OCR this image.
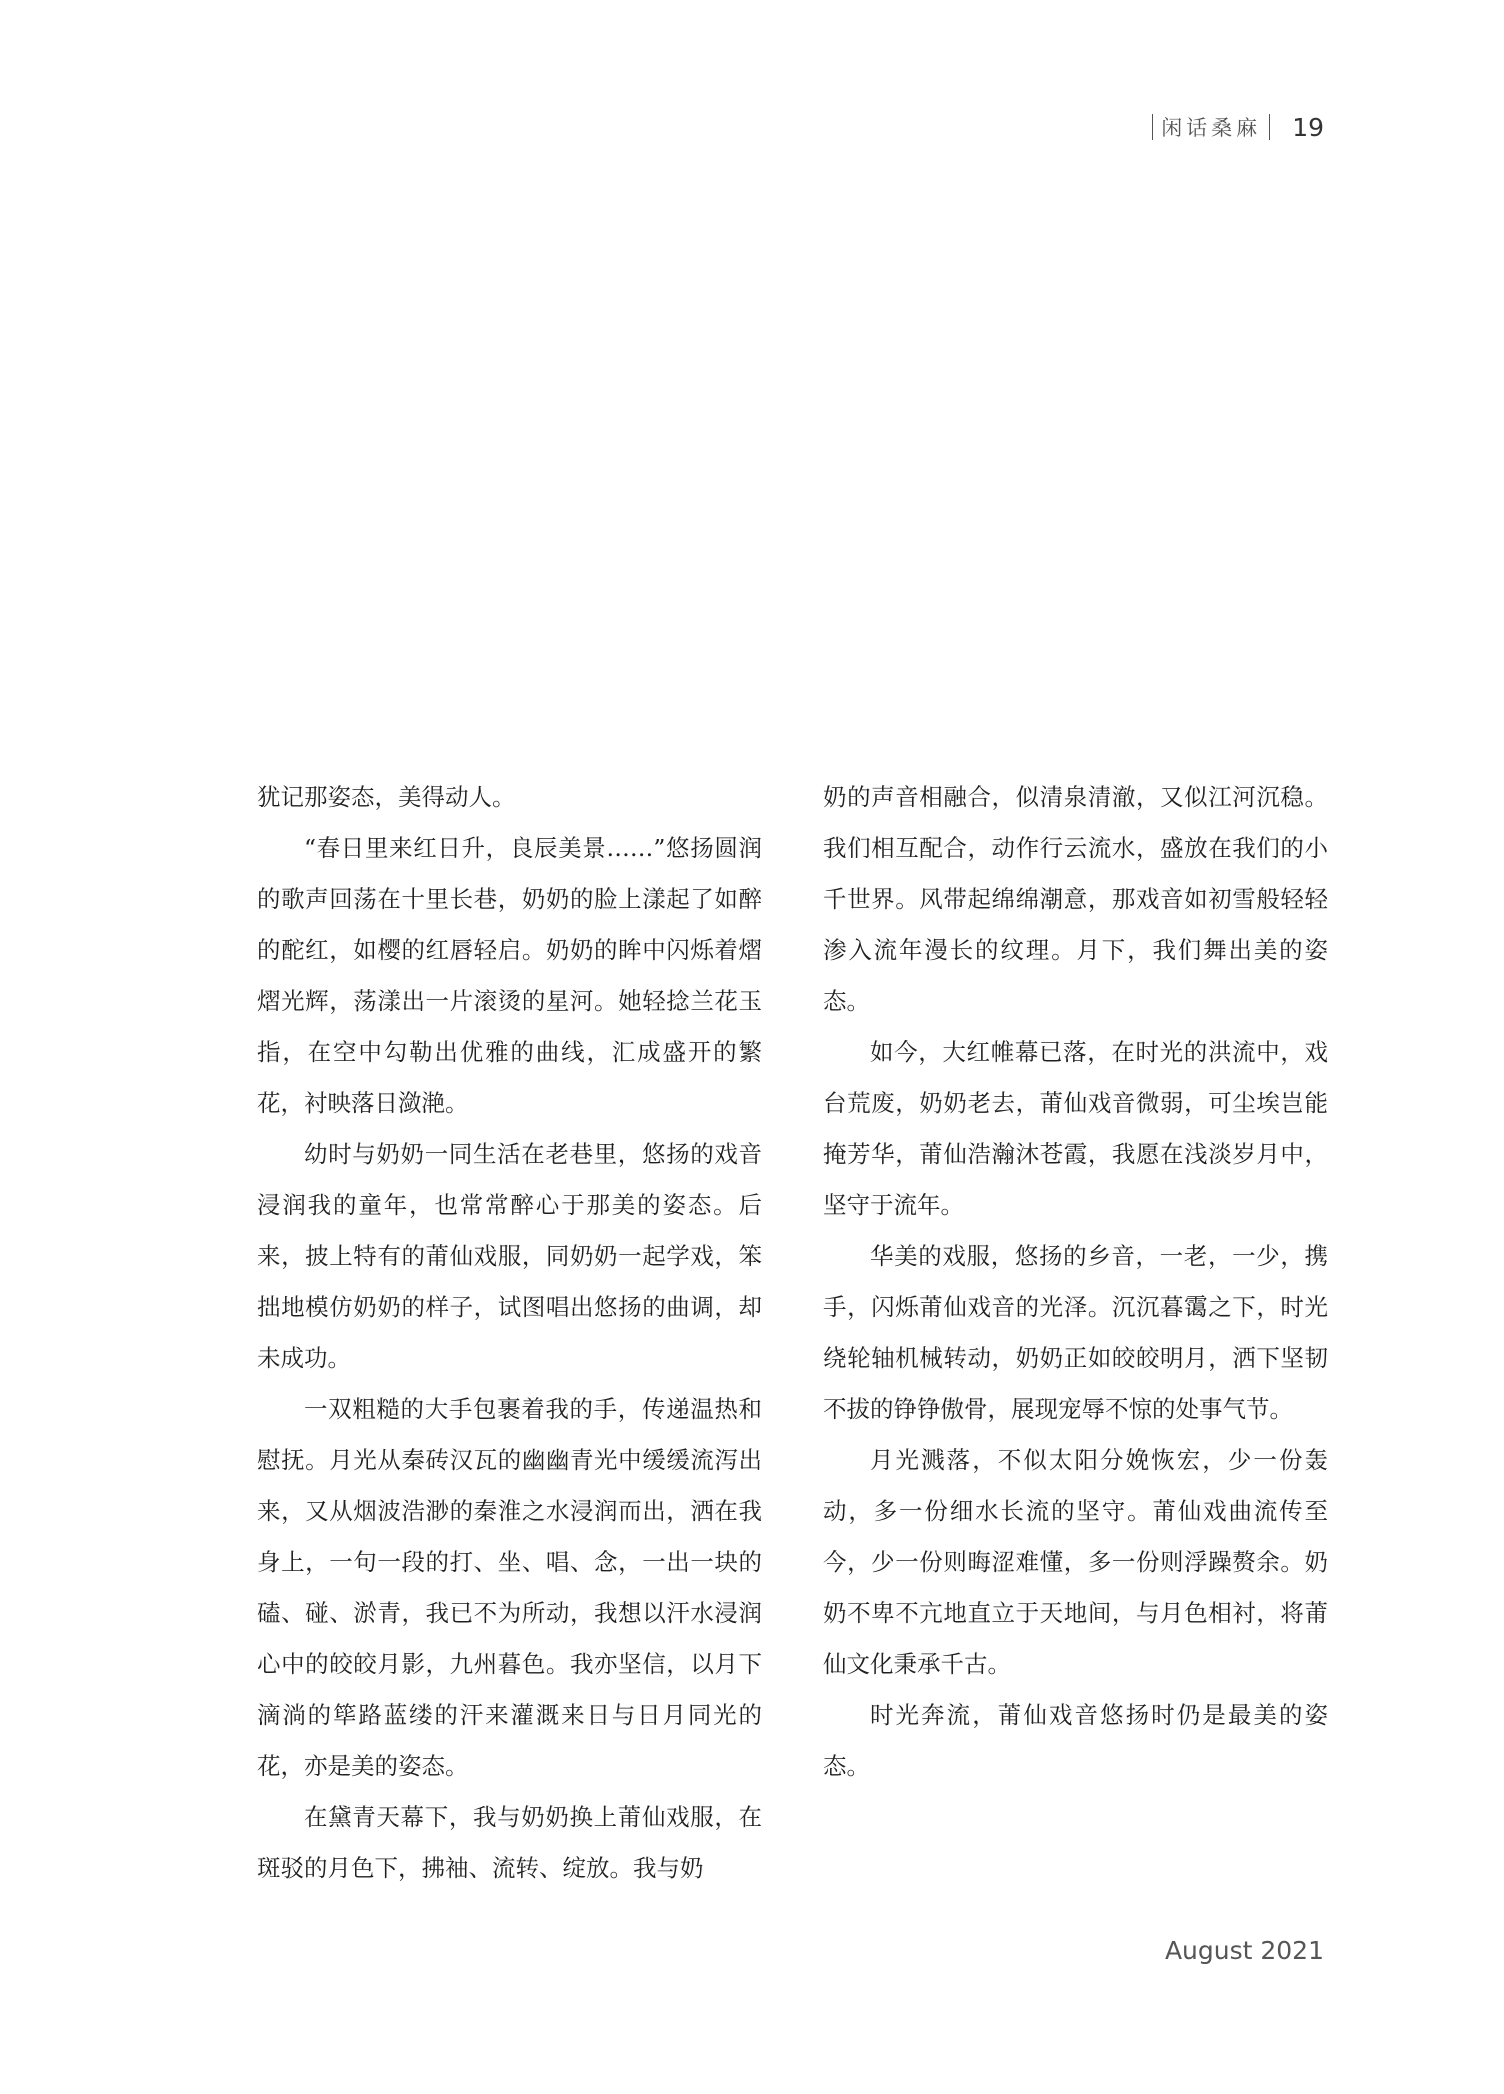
闲话桑麻 19

犹记那姿态，美得动人。

“春日里来红日升，良辰美景……”悠扬圆润的歌声回荡在十里长巷，奶奶的脸上漾起了如醉的酡红，如樱的红唇轻启。奶奶的眸中闪烁着熠熠光辉，荡漾出一片滚烫的星河。她轻捻兰花玉指，在空中勾勒出优雅的曲线，汇成盛开的繁花，衬映落日潋滟。

幼时与奶奶一同生活在老巷里，悠扬的戏音浸润我的童年，也常常醉心于那美的姿态。后来，披上特有的莆仙戏服，同奶奶一起学戏，笨拙地模仿奶奶的样子，试图唱出悠扬的曲调，却未成功。

一双粗糙的大手包裹着我的手，传递温热和慰抚。月光从秦砖汉瓦的幽幽青光中缓缓流泻出来，又从烟波浩渺的秦淮之水浸润而出，洒在我身上，一句一段的打、坐、唱、念，一出一块的磕、碰、淤青，我已不为所动，我想以汗水浸润心中的皎皎月影，九州暮色。我亦坚信，以月下滴淌的筚路蓝缕的汗来灌溉来日与日月同光的花，亦是美的姿态。

在黛青天幕下，我与奶奶换上莆仙戏服，在斑驳的月色下，拂袖、流转、绽放。我与奶

奶的声音相融合，似清泉清澈，又似江河沉稳。我们相互配合，动作行云流水，盛放在我们的小千世界。风带起绵绵潮意，那戏音如初雪般轻轻渗入流年漫长的纹理。月下，我们舞出美的姿态。

如今，大红帷幕已落，在时光的洪流中，戏台荒废，奶奶老去，莆仙戏音微弱，可尘埃岂能掩芳华，莆仙浩瀚沐苍霞，我愿在浅淡岁月中，坚守于流年。

华美的戏服，悠扬的乡音，一老，一少，携手，闪烁莆仙戏音的光泽。沉沉暮霭之下，时光绕轮轴机械转动，奶奶正如皎皎明月，洒下坚韧不拔的铮铮傲骨，展现宠辱不惊的处事气节。

月光溅落，不似太阳分娩恢宏，少一份轰动，多一份细水长流的坚守。莆仙戏曲流传至今，少一份则晦涩难懂，多一份则浮躁赘余。奶奶不卑不亢地直立于天地间，与月色相衬，将莆仙文化秉承千古。

时光奔流，莆仙戏音悠扬时仍是最美的姿态。

August 2021
